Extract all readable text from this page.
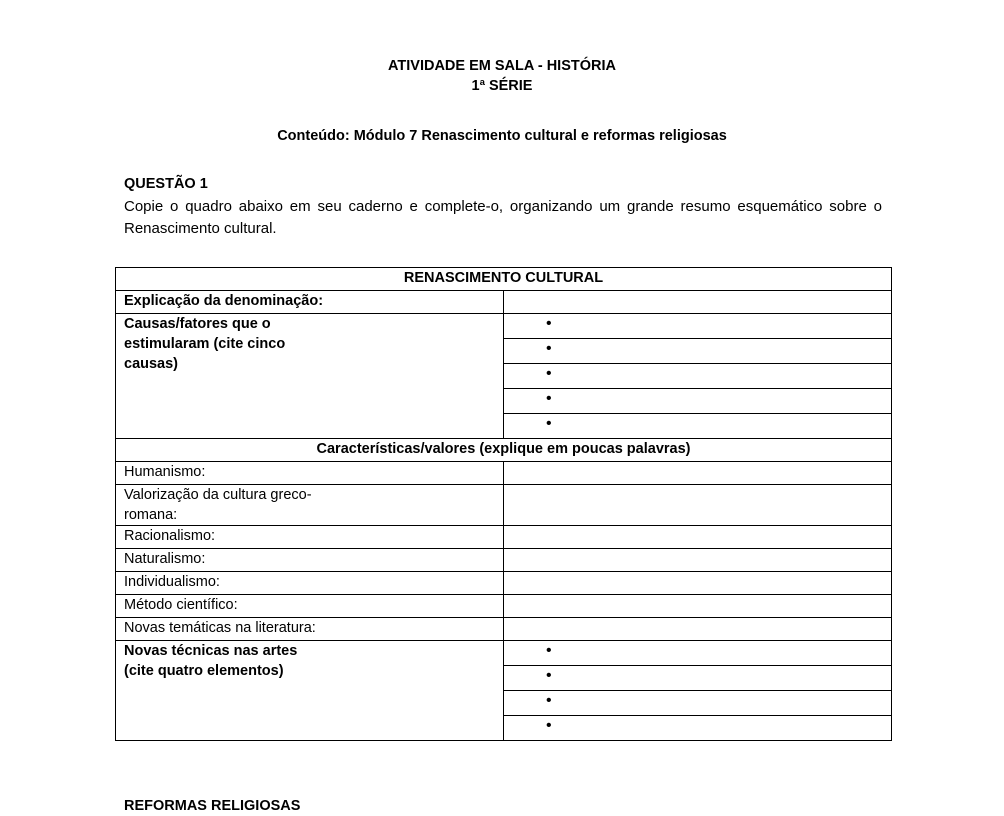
ATIVIDADE EM SALA - HISTÓRIA
1ª SÉRIE
Conteúdo: Módulo 7 Renascimento cultural e reformas religiosas
QUESTÃO 1
Copie o quadro abaixo em seu caderno e complete-o, organizando um grande resumo esquemático sobre o Renascimento cultural.
RENASCIMENTO CULTURAL	
Explicação da denominação:	

Causas/fatores que o
estimularam (cite cinco
causas)	•
	•
	•
	•
	•
Características/valores (explique em poucas palavras)	
Humanismo:	

Valorização da cultura greco-
romana:	

Racionalismo:	
Naturalismo:	
Individualismo:	
Método científico:	
Novas temáticas na literatura:	

Novas técnicas nas artes
(cite quatro elementos)	•
	•
	•
	•
REFORMAS RELIGIOSAS
